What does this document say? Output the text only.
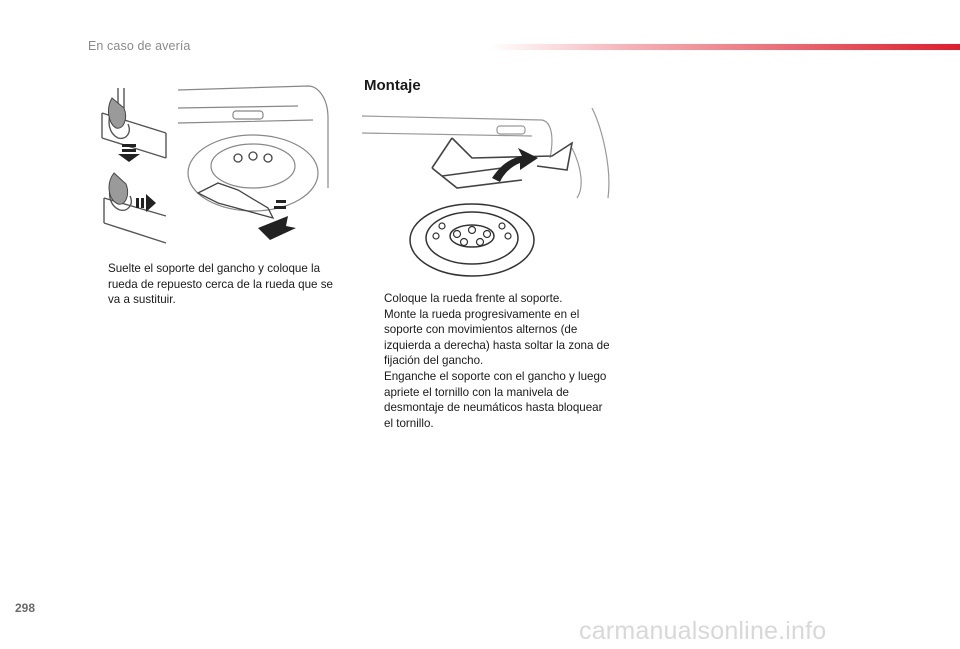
En caso de avería
Suelte el soporte del gancho y coloque la rueda de repuesto cerca de la rueda que se va a sustituir.
Montaje
Coloque la rueda frente al soporte.
Monte la rueda progresivamente en el soporte con movimientos alternos (de izquierda a derecha) hasta soltar la zona de fijación del gancho.
Enganche el soporte con el gancho y luego apriete el tornillo con la manivela de desmontaje de neumáticos hasta bloquear el tornillo.
298
carmanualsonline.info
